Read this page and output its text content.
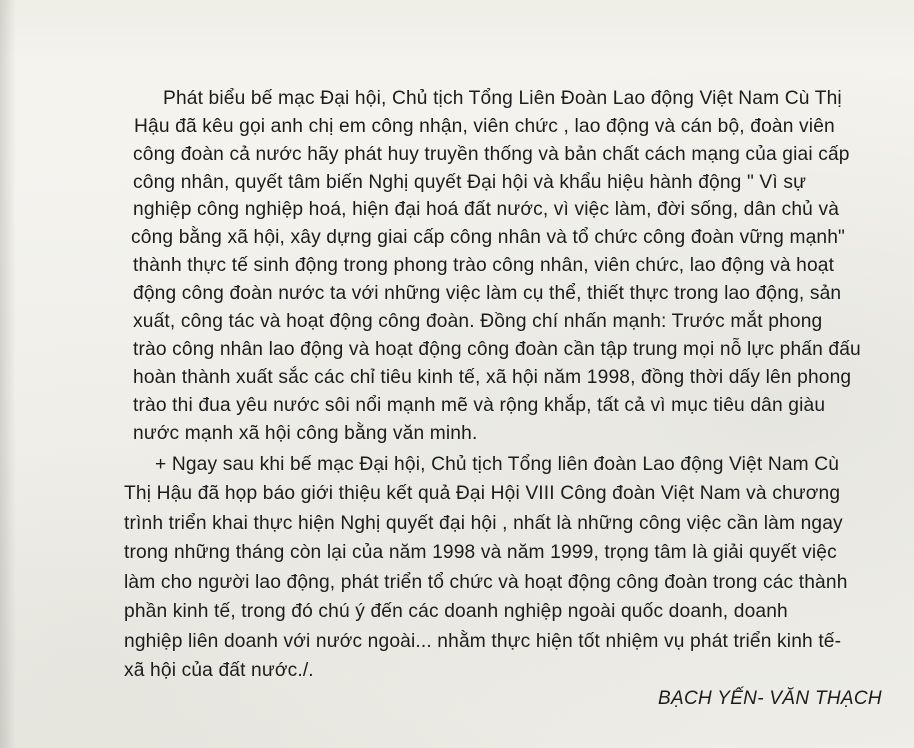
Phát biểu bế mạc Đại hội, Chủ tịch Tổng Liên Đoàn Lao động Việt Nam Cù Thị
Hậu đã kêu gọi anh chị em công nhận, viên chức , lao động và cán bộ, đoàn viên
công đoàn cả nước hãy phát huy truyền thống và bản chất cách mạng của giai cấp
công nhân, quyết tâm biến Nghị quyết Đại hội và khẩu hiệu hành động " Vì sự
nghiệp công nghiệp hoá, hiện đại hoá đất nước, vì việc làm, đời sống, dân chủ và
công bằng xã hội, xây dựng giai cấp công nhân và tổ chức công đoàn vững mạnh"
thành thực tế sinh động trong phong trào công nhân, viên chức, lao động và hoạt
động công đoàn nước ta với những việc làm cụ thể, thiết thực trong lao động, sản
xuất, công tác và hoạt động công đoàn. Đồng chí nhấn mạnh: Trước mắt phong
trào công nhân lao động và hoạt động công đoàn cần tập trung mọi nỗ lực phấn đấu
hoàn thành xuất sắc các chỉ tiêu kinh tế, xã hội năm 1998, đồng thời dấy lên phong
trào thi đua yêu nước sôi nổi mạnh mẽ và rộng khắp, tất cả vì mục tiêu dân giàu
nước mạnh xã hội công bằng văn minh.
+ Ngay sau khi bế mạc Đại hội, Chủ tịch Tổng liên đoàn Lao động Việt Nam Cù
Thị Hậu đã họp báo giới thiệu kết quả Đại Hội VIII Công đoàn Việt Nam và chương
trình triển khai thực hiện Nghị quyết đại hội , nhất là những công việc cần làm ngay
trong những tháng còn lại của năm 1998 và năm 1999, trọng tâm là giải quyết việc
làm cho người lao động, phát triển tổ chức và hoạt động công đoàn trong các thành
phần kinh tế, trong đó chú ý đến các doanh nghiệp ngoài quốc doanh, doanh
nghiệp liên doanh với nước ngoài... nhằm thực hiện tốt nhiệm vụ phát triển kinh tế-
xã hội của đất nước./.
BẠCH YẾN- VĂN THẠCH
